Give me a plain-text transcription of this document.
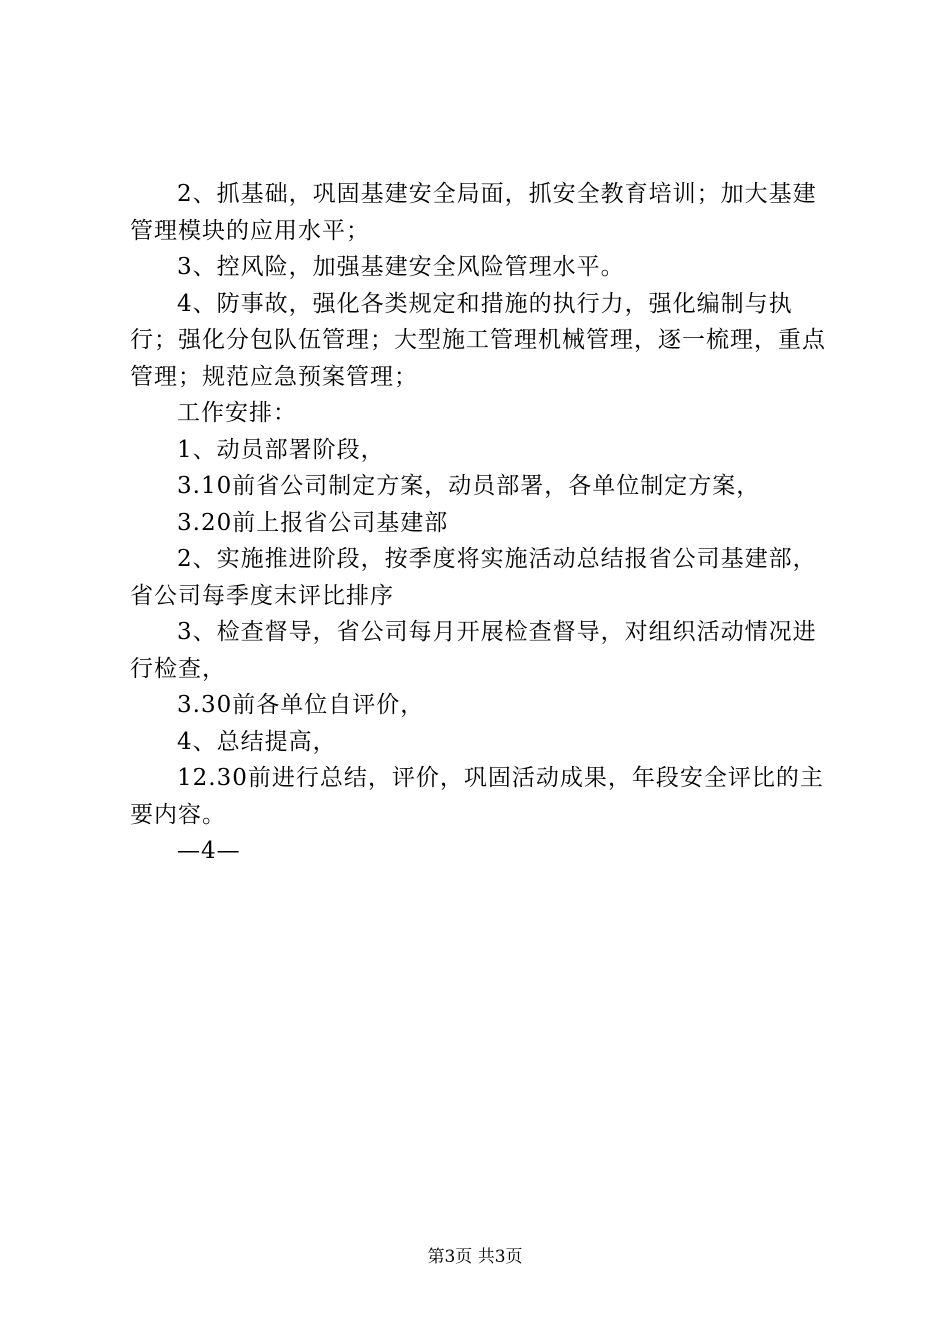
2、抓基础，巩固基建安全局面，抓安全教育培训；加大基建管理模块的应用水平；

3、控风险，加强基建安全风险管理水平。

4、防事故，强化各类规定和措施的执行力，强化编制与执行；强化分包队伍管理；大型施工管理机械管理，逐一梳理，重点管理；规范应急预案管理；

工作安排：

1、动员部署阶段，

3.10前省公司制定方案，动员部署，各单位制定方案，

3.20前上报省公司基建部

2、实施推进阶段，按季度将实施活动总结报省公司基建部，省公司每季度末评比排序

3、检查督导，省公司每月开展检查督导，对组织活动情况进行检查，

3.30前各单位自评价，

4、总结提高，

12.30前进行总结，评价，巩固活动成果，年段安全评比的主要内容。

—4—

第3页 共3页
